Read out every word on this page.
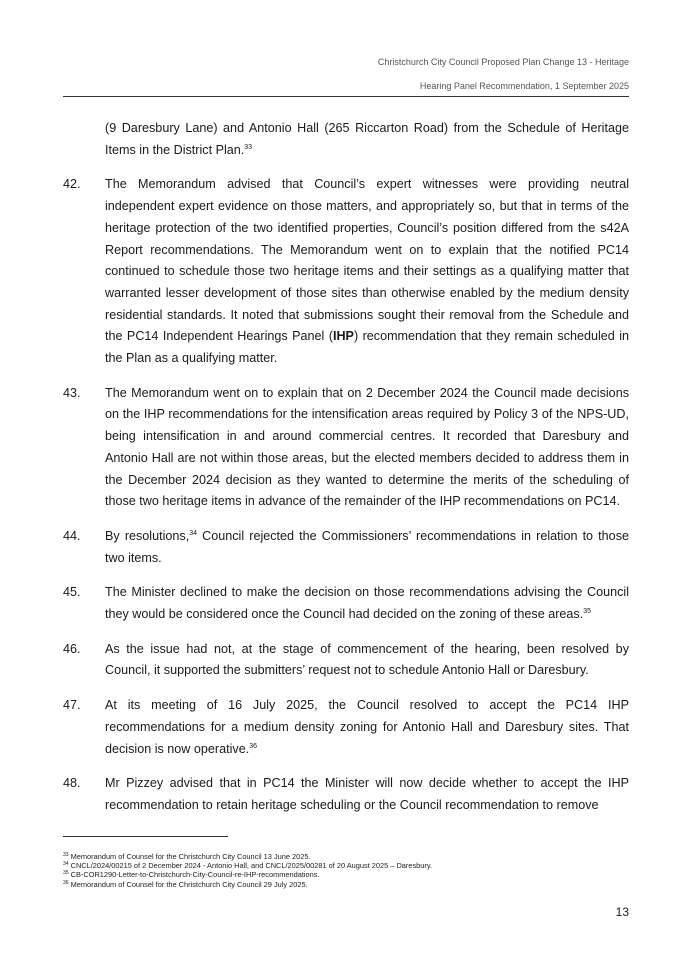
Christchurch City Council Proposed Plan Change 13 - Heritage
Hearing Panel Recommendation, 1 September 2025

(9 Daresbury Lane) and Antonio Hall (265 Riccarton Road) from the Schedule of Heritage Items in the District Plan.$^{33}$

42. The Memorandum advised that Council’s expert witnesses were providing neutral independent expert evidence on those matters, and appropriately so, but that in terms of the heritage protection of the two identified properties, Council’s position differed from the s42A Report recommendations. The Memorandum went on to explain that the notified PC14 continued to schedule those two heritage items and their settings as a qualifying matter that warranted lesser development of those sites than otherwise enabled by the medium density residential standards. It noted that submissions sought their removal from the Schedule and the PC14 Independent Hearings Panel (IHP) recommendation that they remain scheduled in the Plan as a qualifying matter.

43. The Memorandum went on to explain that on 2 December 2024 the Council made decisions on the IHP recommendations for the intensification areas required by Policy 3 of the NPS-UD, being intensification in and around commercial centres. It recorded that Daresbury and Antonio Hall are not within those areas, but the elected members decided to address them in the December 2024 decision as they wanted to determine the merits of the scheduling of those two heritage items in advance of the remainder of the IHP recommendations on PC14.

44. By resolutions,$^{34}$ Council rejected the Commissioners’ recommendations in relation to those two items.

45. The Minister declined to make the decision on those recommendations advising the Council they would be considered once the Council had decided on the zoning of these areas.$^{35}$

46. As the issue had not, at the stage of commencement of the hearing, been resolved by Council, it supported the submitters’ request not to schedule Antonio Hall or Daresbury.

47. At its meeting of 16 July 2025, the Council resolved to accept the PC14 IHP recommendations for a medium density zoning for Antonio Hall and Daresbury sites. That decision is now operative.$^{36}$

48. Mr Pizzey advised that in PC14 the Minister will now decide whether to accept the IHP recommendation to retain heritage scheduling or the Council recommendation to remove

$^{33}$ Memorandum of Counsel for the Christchurch City Council 13 June 2025.
$^{34}$ CNCL/2024/00215 of 2 December 2024 - Antonio Hall, and CNCL/2025/00281 of 20 August 2025 – Daresbury.
$^{35}$ CB-COR1290-Letter-to-Christchurch-City-Council-re-IHP-recommendations.
$^{36}$ Memorandum of Counsel for the Christchurch City Council 29 July 2025.
13
